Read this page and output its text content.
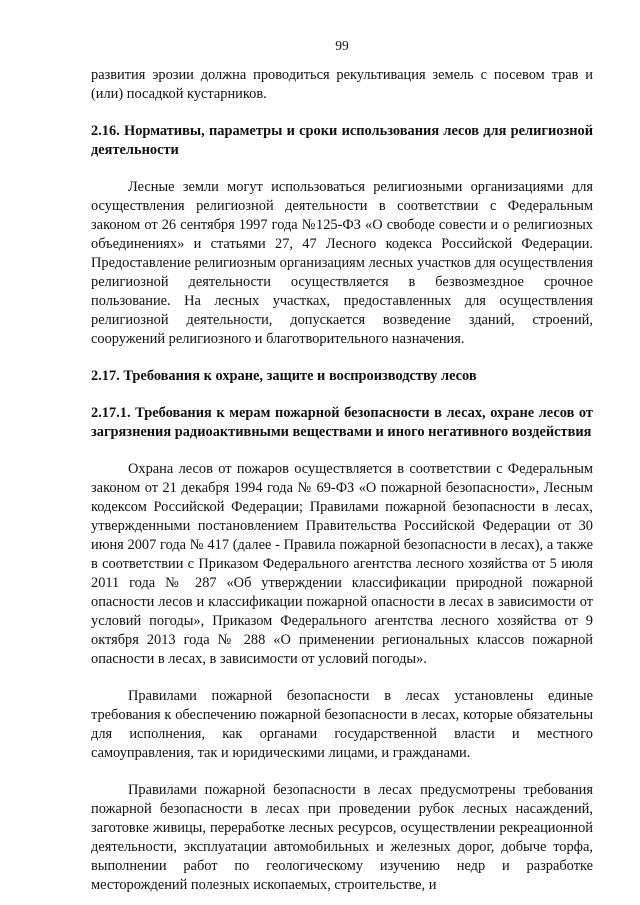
99

развития эрозии должна проводиться рекультивация земель с посевом трав и (или) посадкой кустарников.

2.16. Нормативы, параметры и сроки использования лесов для религиозной деятельности

Лесные земли могут использоваться религиозными организациями для осуществления религиозной деятельности в соответствии с Федеральным законом от 26 сентября 1997 года №125-ФЗ «О свободе совести и о религиозных объединениях» и статьями 27, 47 Лесного кодекса Российской Федерации. Предоставление религиозным организациям лесных участков для осуществления религиозной деятельности осуществляется в безвозмездное срочное пользование. На лесных участках, предоставленных для осуществления религиозной деятельности, допускается возведение зданий, строений, сооружений религиозного и благотворительного назначения.

2.17. Требования к охране, защите и воспроизводству лесов

2.17.1. Требования к мерам пожарной безопасности в лесах, охране лесов от загрязнения радиоактивными веществами и иного негативного воздействия

Охрана лесов от пожаров осуществляется в соответствии с Федеральным законом от 21 декабря 1994 года № 69-ФЗ «О пожарной безопасности», Лесным кодексом Российской Федерации; Правилами пожарной безопасности в лесах, утвержденными постановлением Правительства Российской Федерации от 30 июня 2007 года № 417 (далее - Правила пожарной безопасности в лесах), а также в соответствии с Приказом Федерального агентства лесного хозяйства от 5 июля 2011 года № 287 «Об утверждении классификации природной пожарной опасности лесов и классификации пожарной опасности в лесах в зависимости от условий погоды», Приказом Федерального агентства лесного хозяйства от 9 октября 2013 года № 288 «О применении региональных классов пожарной опасности в лесах, в зависимости от условий погоды».

Правилами пожарной безопасности в лесах установлены единые требования к обеспечению пожарной безопасности в лесах, которые обязательны для исполнения, как органами государственной власти и местного самоуправления, так и юридическими лицами, и гражданами.

Правилами пожарной безопасности в лесах предусмотрены требования пожарной безопасности в лесах при проведении рубок лесных насаждений, заготовке живицы, переработке лесных ресурсов, осуществлении рекреационной деятельности, эксплуатации автомобильных и железных дорог, добыче торфа, выполнении работ по геологическому изучению недр и разработке месторождений полезных ископаемых, строительстве, и
